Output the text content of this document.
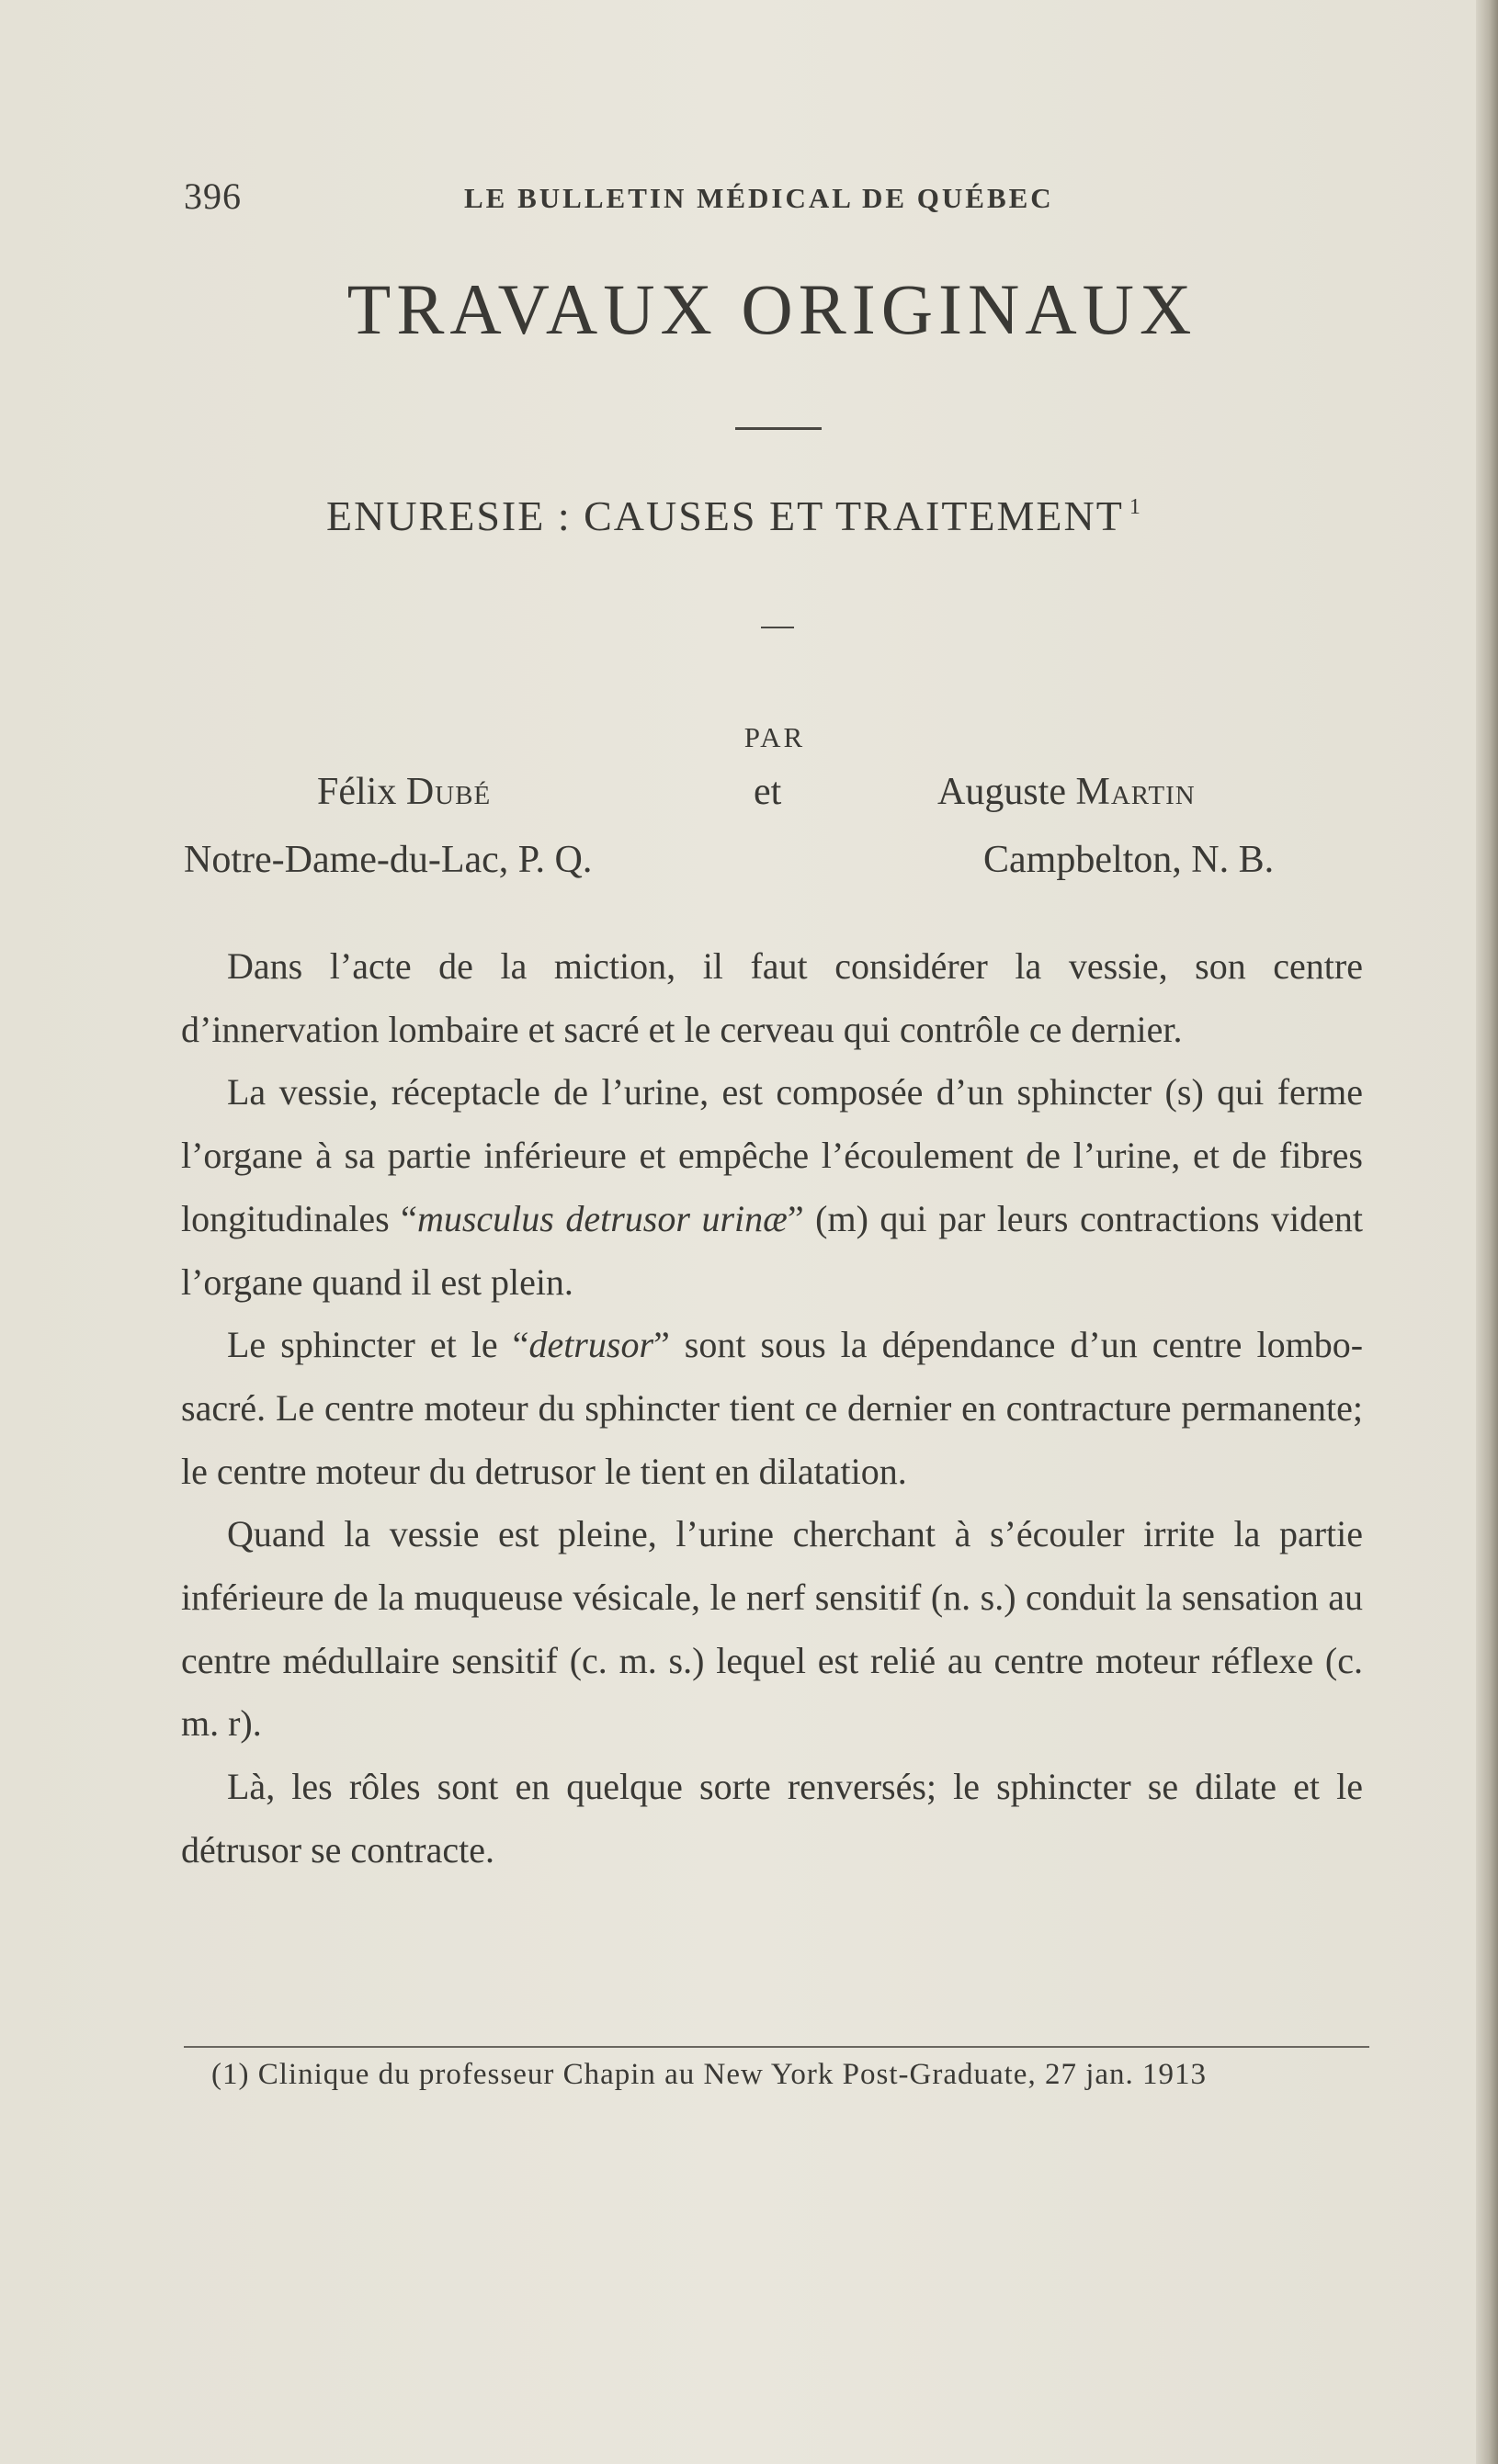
396	LE BULLETIN MÉDICAL DE QUÉBEC
TRAVAUX ORIGINAUX
ENURESIE : CAUSES ET TRAITEMENT $^1$
PAR
Félix Dubé
Notre-Dame-du-Lac, P. Q.
et	Auguste Martin
Campbelton, N. B.

Dans l’acte de la miction, il faut considérer la vessie, son centre d’innervation lombaire et sacré et le cerveau qui contrôle ce dernier.

La vessie, réceptacle de l’urine, est composée d’un sphincter (s) qui ferme l’organe à sa partie inférieure et empêche l’écoulement de l’urine, et de fibres longitudinales “musculus detrusor urinæ” (m) qui par leurs contractions vident l’organe quand il est plein.

Le sphincter et le “detrusor” sont sous la dépendance d’un centre lombo-sacré. Le centre moteur du sphincter tient ce dernier en contracture permanente; le centre moteur du detrusor le tient en dilatation.

Quand la vessie est pleine, l’urine cherchant à s’écouler irrite la partie inférieure de la muqueuse vésicale, le nerf sensitif (n. s.) conduit la sensation au centre médullaire sensitif (c. m. s.) lequel est relié au centre moteur réflexe (c. m. r).

Là, les rôles sont en quelque sorte renversés; le sphincter se dilate et le détrusor se contracte.

(1) Clinique du professeur Chapin au New York Post-Graduate, 27 jan. 1913
